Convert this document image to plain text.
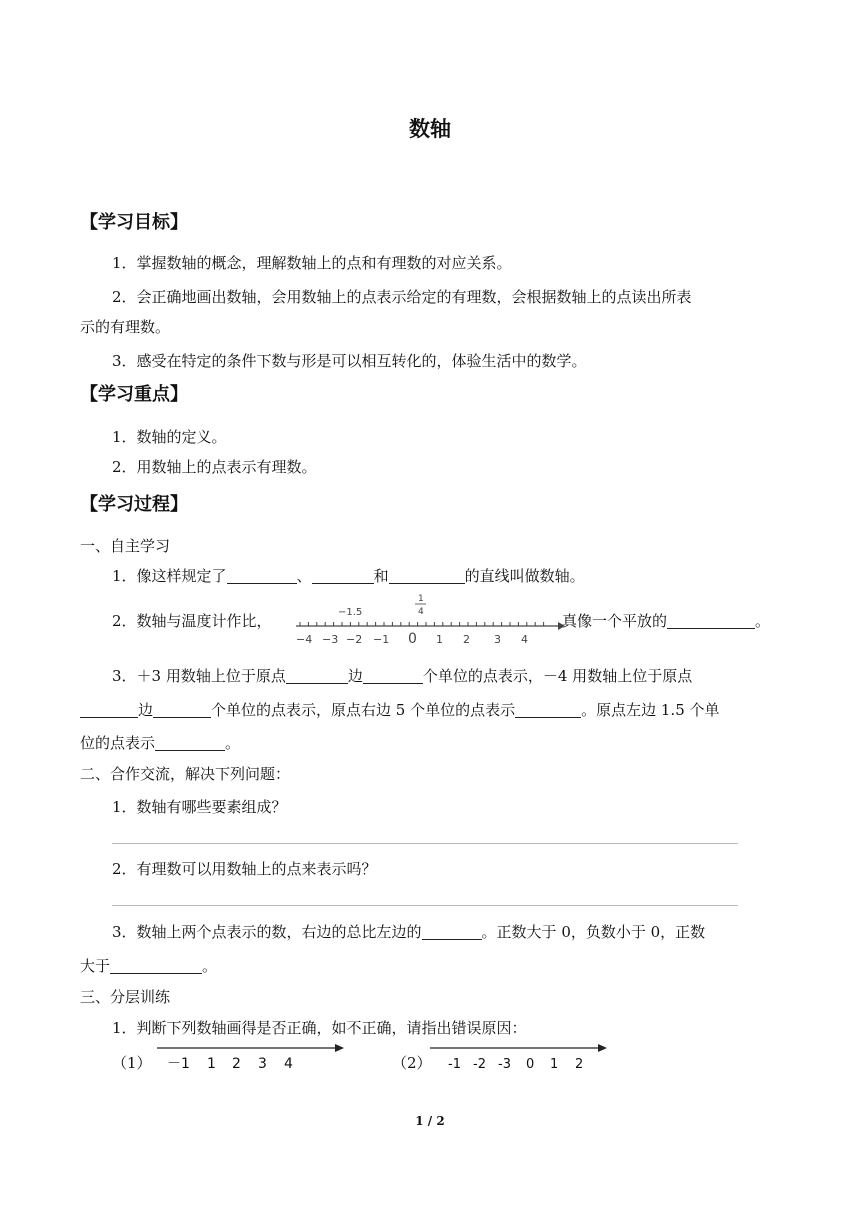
数轴
【学习目标】
1．掌握数轴的概念，理解数轴上的点和有理数的对应关系。
2．会正确地画出数轴，会用数轴上的点表示给定的有理数，会根据数轴上的点读出所表
示的有理数。
3．感受在特定的条件下数与形是可以相互转化的，体验生活中的数学。
【学习重点】
1．数轴的定义。
2．用数轴上的点表示有理数。
【学习过程】
一、自主学习
1．像这样规定了	、	和	的直线叫做数轴。
2．数轴与温度计作比，	−1.5
1
4
−4 −3 −2 −1 0 1 2 3 4
真像一个平放的	。
3．＋3 用数轴上位于原点	边	个单位的点表示，－4 用数轴上位于原点
边	个单位的点表示，原点右边 5 个单位的点表示	。原点左边 1.5 个单
位的点表示	。
二、合作交流，解决下列问题：
1．数轴有哪些要素组成？
2．有理数可以用数轴上的点来表示吗？
3．数轴上两个点表示的数，右边的总比左边的	。正数大于 0，负数小于 0，正数
大于	。
三、分层训练
1．判断下列数轴画得是否正确，如不正确，请指出错误原因：
（1） －1 1 2 3 4	（2） -1 -2 -3 0 1 2
1 / 2
